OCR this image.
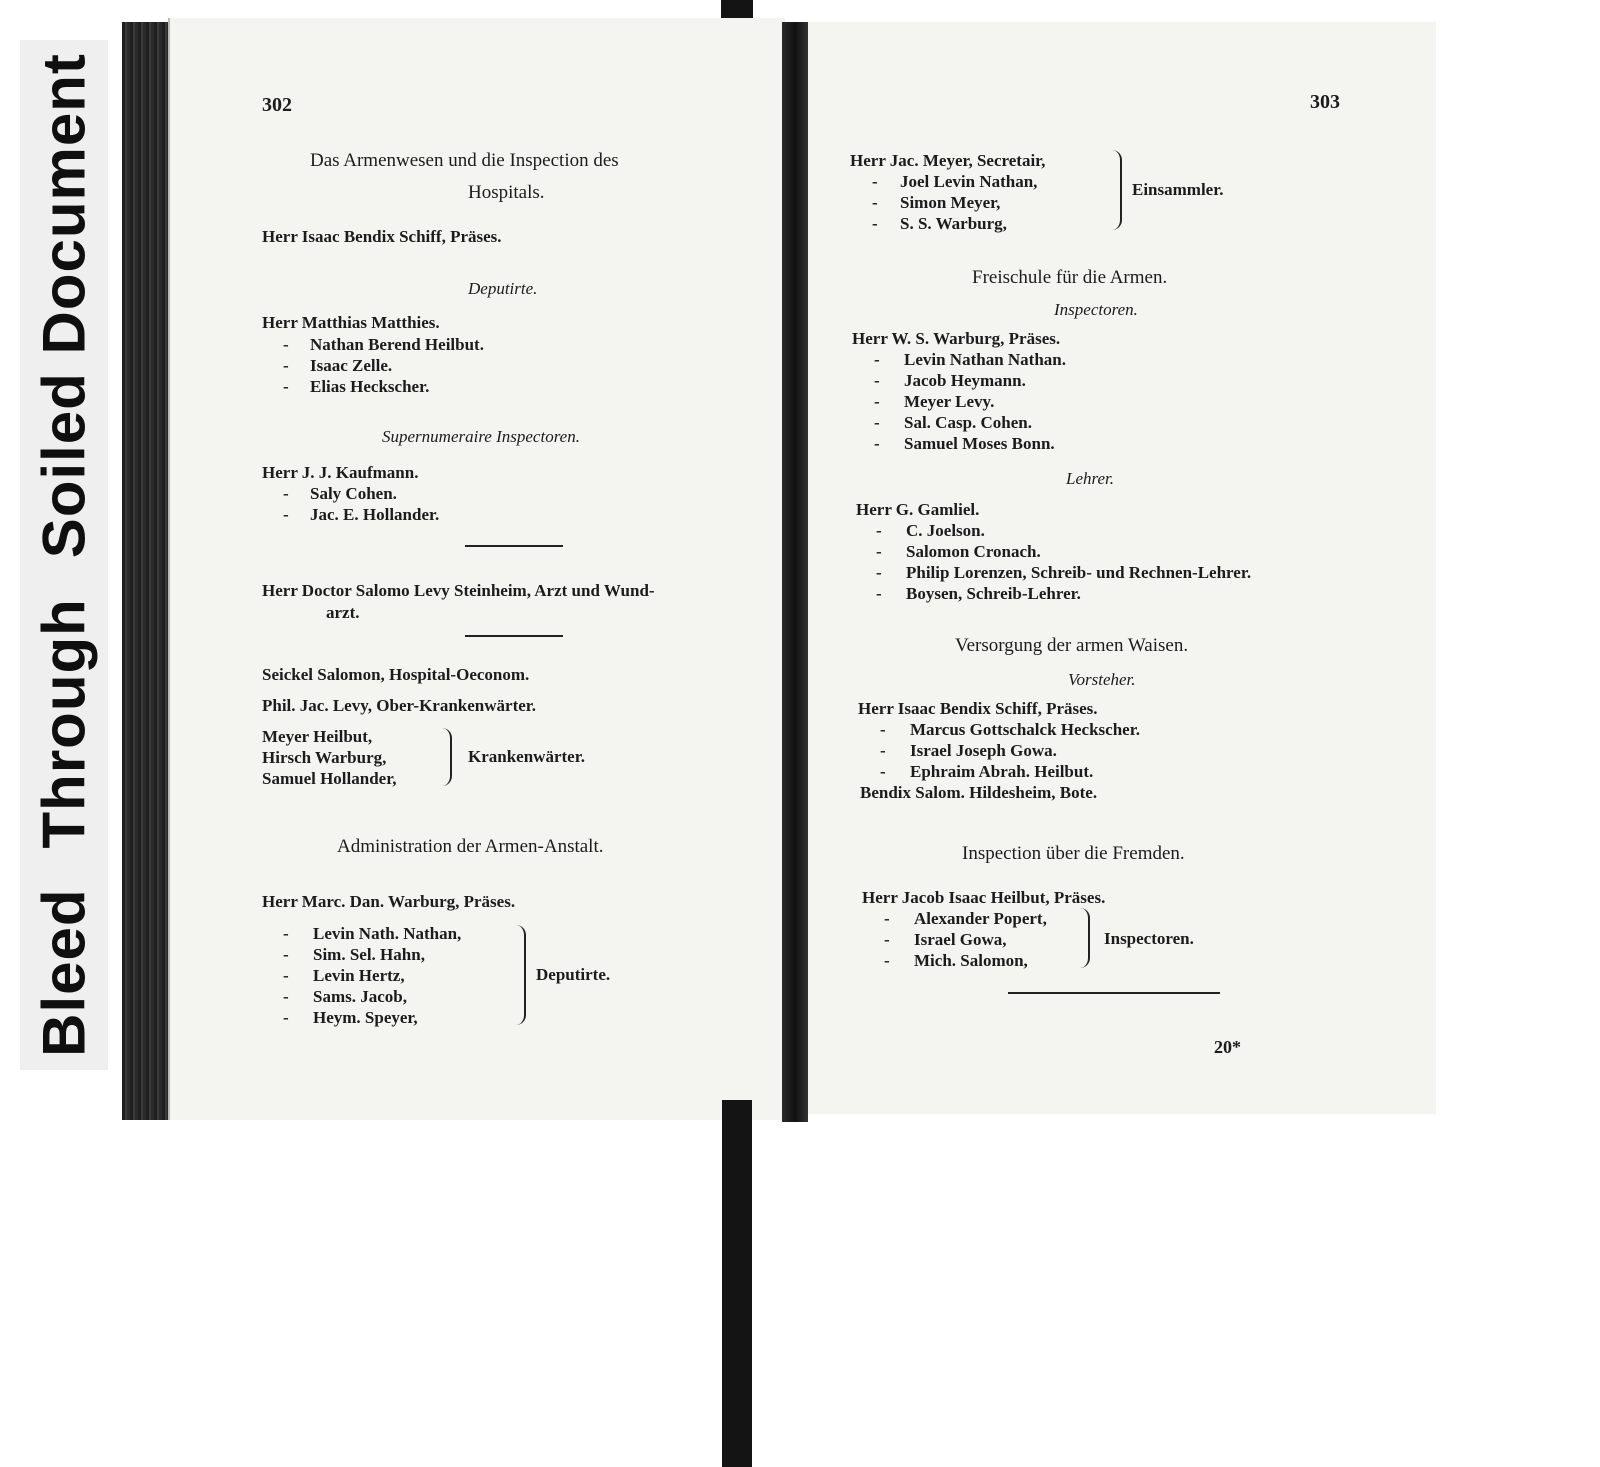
BleedThroughSoiled Document	302
Das Armenwesen und die Inspection des
Hospitals.
Herr Isaac Bendix Schiff, Präses.
Deputirte.
Herr Matthias Matthies.
- Nathan Berend Heilbut.
- Isaac Zelle.
- Elias Heckscher.
Supernumeraire Inspectoren.
Herr J. J. Kaufmann.
- Saly Cohen.
- Jac. E. Hollander.
Herr Doctor Salomo Levy Steinheim, Arzt und Wund-
arzt.
Seickel Salomon, Hospital-Oeconom.
Phil. Jac. Levy, Ober-Krankenwärter.
Meyer Heilbut,
Hirsch Warburg,
Samuel Hollander,
Krankenwärter.
Administration der Armen-Anstalt.
Herr Marc. Dan. Warburg, Präses.
- Levin Nath. Nathan,
- Sim. Sel. Hahn,
- Levin Hertz,
- Sams. Jacob,
- Heym. Speyer,
Deputirte.
303
Herr Jac. Meyer, Secretair,
- Joel Levin Nathan,
- Simon Meyer,
- S. S. Warburg,
Einsammler.
Freischule für die Armen.
Inspectoren.
Herr W. S. Warburg, Präses.
- Levin Nathan Nathan.
- Jacob Heymann.
- Meyer Levy.
- Sal. Casp. Cohen.
- Samuel Moses Bonn.
Lehrer.
Herr G. Gamliel.
- C. Joelson.
- Salomon Cronach.
- Philip Lorenzen, Schreib- und Rechnen-Lehrer.
- Boysen, Schreib-Lehrer.
Versorgung der armen Waisen.
Vorsteher.
Herr Isaac Bendix Schiff, Präses.
- Marcus Gottschalck Heckscher.
- Israel Joseph Gowa.
- Ephraim Abrah. Heilbut.
Bendix Salom. Hildesheim, Bote.
Inspection über die Fremden.
Herr Jacob Isaac Heilbut, Präses.
- Alexander Popert,
- Israel Gowa,
- Mich. Salomon,
Inspectoren.
20*
